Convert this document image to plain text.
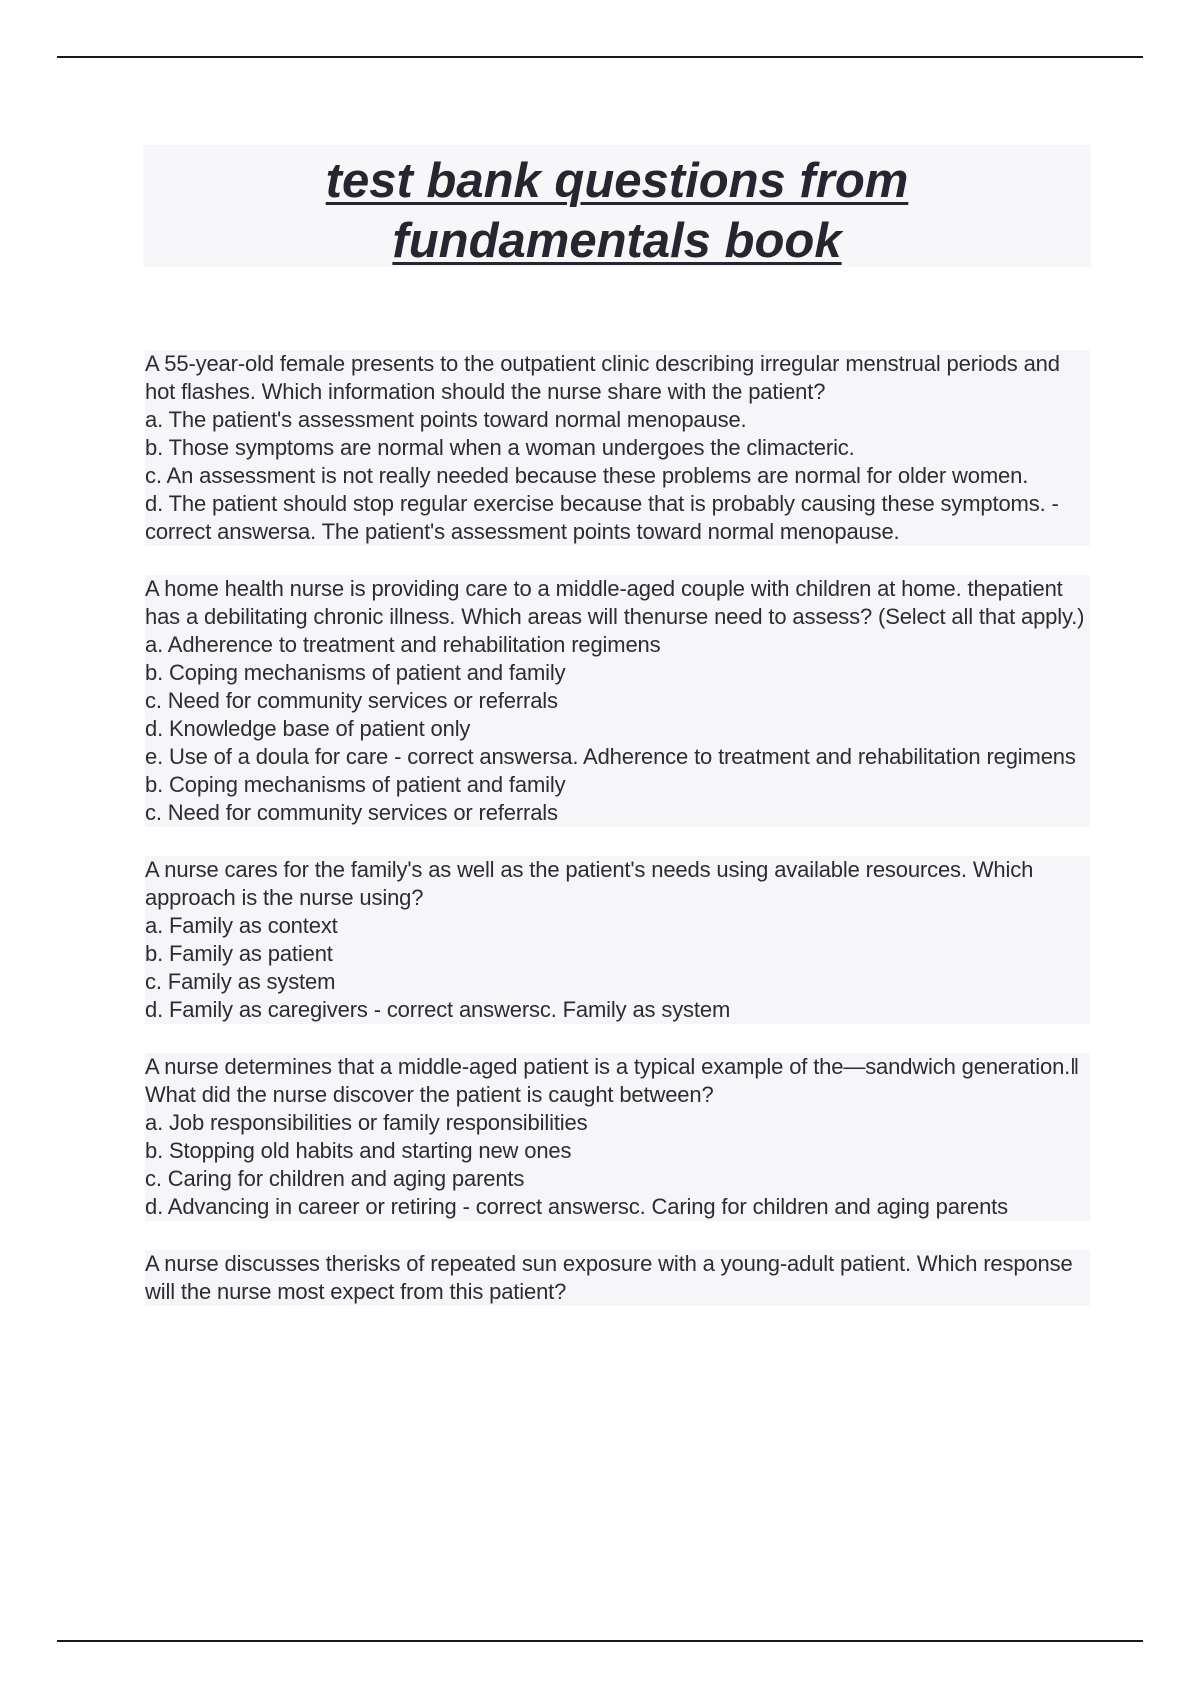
test bank questions from
fundamentals book
A 55-year-old female presents to the outpatient clinic describing irregular menstrual periods and hot flashes. Which information should the nurse share with the patient?
a. The patient's assessment points toward normal menopause.
b. Those symptoms are normal when a woman undergoes the climacteric.
c. An assessment is not really needed because these problems are normal for older women.
d. The patient should stop regular exercise because that is probably causing these symptoms. - correct answersa. The patient's assessment points toward normal menopause.
A home health nurse is providing care to a middle-aged couple with children at home. thepatient has a debilitating chronic illness. Which areas will thenurse need to assess? (Select all that apply.)
a. Adherence to treatment and rehabilitation regimens
b. Coping mechanisms of patient and family
c. Need for community services or referrals
d. Knowledge base of patient only
e. Use of a doula for care - correct answersa. Adherence to treatment and rehabilitation regimens
b. Coping mechanisms of patient and family
c. Need for community services or referrals
A nurse cares for the family's as well as the patient's needs using available resources. Which approach is the nurse using?
a. Family as context
b. Family as patient
c. Family as system
d. Family as caregivers - correct answersc. Family as system
A nurse determines that a middle-aged patient is a typical example of the—sandwich generation.‖ What did the nurse discover the patient is caught between?
a. Job responsibilities or family responsibilities
b. Stopping old habits and starting new ones
c. Caring for children and aging parents
d. Advancing in career or retiring - correct answersc. Caring for children and aging parents
A nurse discusses therisks of repeated sun exposure with a young-adult patient. Which response will the nurse most expect from this patient?
